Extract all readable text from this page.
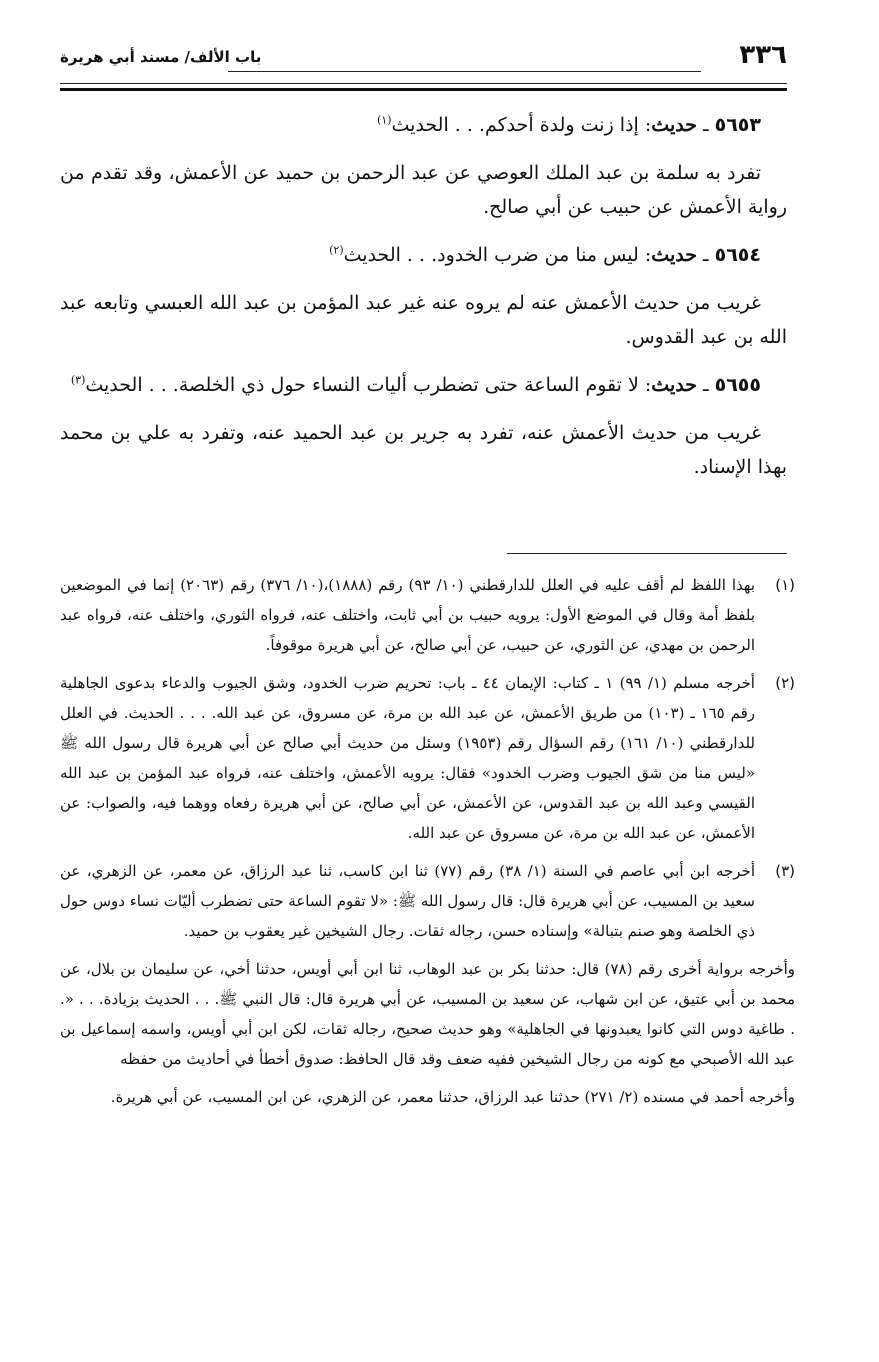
٣٣٦
باب الألف/ مسند أبي هريرة

٥٦٥٣ ـ حديث: إذا زنت ولدة أحدكم. . . الحديث$^{(١)}$

تفرد به سلمة بن عبد الملك العوصي عن عبد الرحمن بن حميد عن الأعمش، وقد تقدم من رواية الأعمش عن حبيب عن أبي صالح.

٥٦٥٤ ـ حديث: ليس منا من ضرب الخدود. . . الحديث$^{(٢)}$

غريب من حديث الأعمش عنه لم يروه عنه غير عبد المؤمن بن عبد الله العبسي وتابعه عبد الله بن عبد القدوس.

٥٦٥٥ ـ حديث: لا تقوم الساعة حتى تضطرب أليات النساء حول ذي الخلصة. . . الحديث$^{(٣)}$

غريب من حديث الأعمش عنه، تفرد به جرير بن عبد الحميد عنه، وتفرد به علي بن محمد بهذا الإسناد.

(١)
بهذا اللفظ لم أقف عليه في العلل للدارقطني (١٠/ ٩٣) رقم (١٨٨٨)،(١٠/ ٣٧٦) رقم (٢٠٦٣) إنما في الموضعين بلفظ أمة وقال في الموضع الأول: يرويه حبيب بن أبي ثابت، واختلف عنه، فرواه الثوري، واختلف عنه، فرواه عبد الرحمن بن مهدي، عن الثوري، عن حبيب، عن أبي صالح، عن أبي هريرة موقوفاً.

(٢)
أخرجه مسلم (١/ ٩٩) ١ ـ كتاب: الإيمان ٤٤ ـ باب: تحريم ضرب الخدود، وشق الجيوب والدعاء بدعوى الجاهلية رقم ١٦٥ ـ (١٠٣) من طريق الأعمش، عن عبد الله بن مرة، عن مسروق، عن عبد الله. . . . الحديث. في العلل للدارقطني (١٠/ ١٦١) رقم السؤال رقم (١٩٥٣) وسئل من حديث أبي صالح عن أبي هريرة قال رسول الله ﷺ «ليس منا من شق الجيوب وضرب الخدود» فقال: يرويه الأعمش، واختلف عنه، فرواه عبد المؤمن بن عبد الله القيسي وعبد الله بن عبد القدوس، عن الأعمش، عن أبي صالح، عن أبي هريرة رفعاه ووهما فيه، والصواب: عن الأعمش، عن عبد الله بن مرة، عن مسروق عن عبد الله.

(٣)
أخرجه ابن أبي عاصم في السنة (١/ ٣٨) رقم (٧٧) ثنا ابن كاسب، ثنا عبد الرزاق، عن معمر، عن الزهري، عن سعيد بن المسيب، عن أبي هريرة قال: قال رسول الله ﷺ: «لا تقوم الساعة حتى تضطرب أليّات نساء دوس حول ذي الخلصة وهو صنم بتبالة» وإسناده حسن، رجاله ثقات. رجال الشيخين غير يعقوب بن حميد.

وأخرجه برواية أخرى رقم (٧٨) قال: حدثنا بكر بن عبد الوهاب، ثنا ابن أبي أويس، حدثنا أخي، عن سليمان بن بلال، عن محمد بن أبي عتيق، عن ابن شهاب، عن سعيد بن المسيب، عن أبي هريرة قال: قال النبي ﷺ. . . الحديث بزيادة. . . «. . طاغية دوس التي كانوا يعبدونها في الجاهلية» وهو حديث صحيح، رجاله ثقات، لكن ابن أبي أويس، واسمه إسماعيل بن عبد الله الأصبحي مع كونه من رجال الشيخين ففيه ضعف وقد قال الحافظ: صدوق أخطأ في أحاديث من حفظه

وأخرجه أحمد في مسنده (٢/ ٢٧١) حدثنا عبد الرزاق، حدثنا معمر، عن الزهري، عن ابن المسيب، عن أبي هريرة.
